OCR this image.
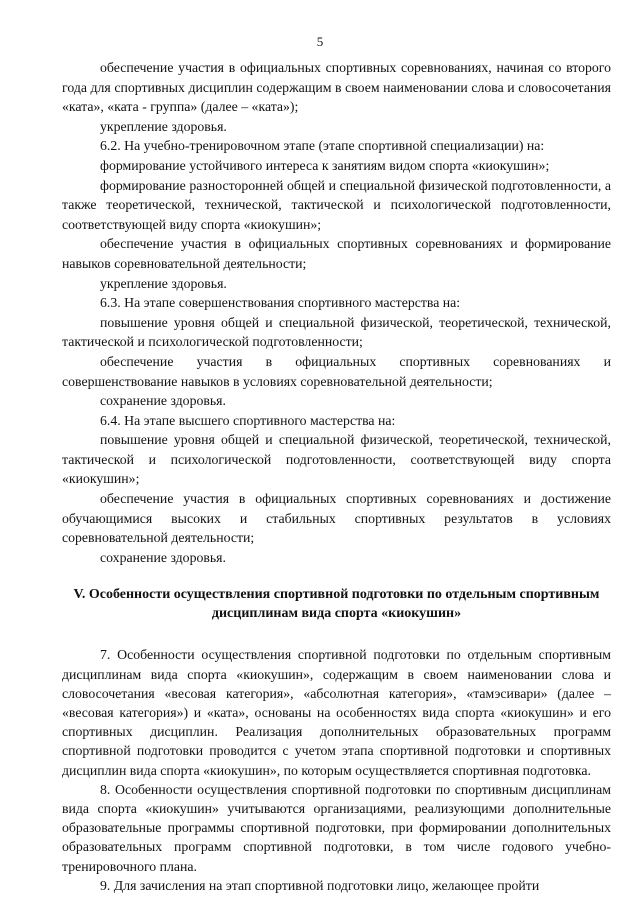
5

обеспечение участия в официальных спортивных соревнованиях, начиная со второго года для спортивных дисциплин содержащим в своем наименовании слова и словосочетания «ката», «ката - группа» (далее – «ката»);

укрепление здоровья.

6.2. На учебно-тренировочном этапе (этапе спортивной специализации) на:

формирование устойчивого интереса к занятиям видом спорта «киокушин»;

формирование разносторонней общей и специальной физической подготовленности, а также теоретической, технической, тактической и психологической подготовленности, соответствующей виду спорта «киокушин»;

обеспечение участия в официальных спортивных соревнованиях и формирование навыков соревновательной деятельности;

укрепление здоровья.

6.3. На этапе совершенствования спортивного мастерства на:

повышение уровня общей и специальной физической, теоретической, технической, тактической и психологической подготовленности;

обеспечение участия в официальных спортивных соревнованиях и совершенствование навыков в условиях соревновательной деятельности;

сохранение здоровья.

6.4. На этапе высшего спортивного мастерства на:

повышение уровня общей и специальной физической, теоретической, технической, тактической и психологической подготовленности, соответствующей виду спорта «киокушин»;

обеспечение участия в официальных спортивных соревнованиях и достижение обучающимися высоких и стабильных спортивных результатов в условиях соревновательной деятельности;

сохранение здоровья.

V. Особенности осуществления спортивной подготовки по отдельным спортивным дисциплинам вида спорта «киокушин»

7. Особенности осуществления спортивной подготовки по отдельным спортивным дисциплинам вида спорта «киокушин», содержащим в своем наименовании слова и словосочетания «весовая категория», «абсолютная категория», «тамэсивари» (далее – «весовая категория») и «ката», основаны на особенностях вида спорта «киокушин» и его спортивных дисциплин. Реализация дополнительных образовательных программ спортивной подготовки проводится с учетом этапа спортивной подготовки и спортивных дисциплин вида спорта «киокушин», по которым осуществляется спортивная подготовка.

8. Особенности осуществления спортивной подготовки по спортивным дисциплинам вида спорта «киокушин» учитываются организациями, реализующими дополнительные образовательные программы спортивной подготовки, при формировании дополнительных образовательных программ спортивной подготовки, в том числе годового учебно-тренировочного плана.

9. Для зачисления на этап спортивной подготовки лицо, желающее пройти
